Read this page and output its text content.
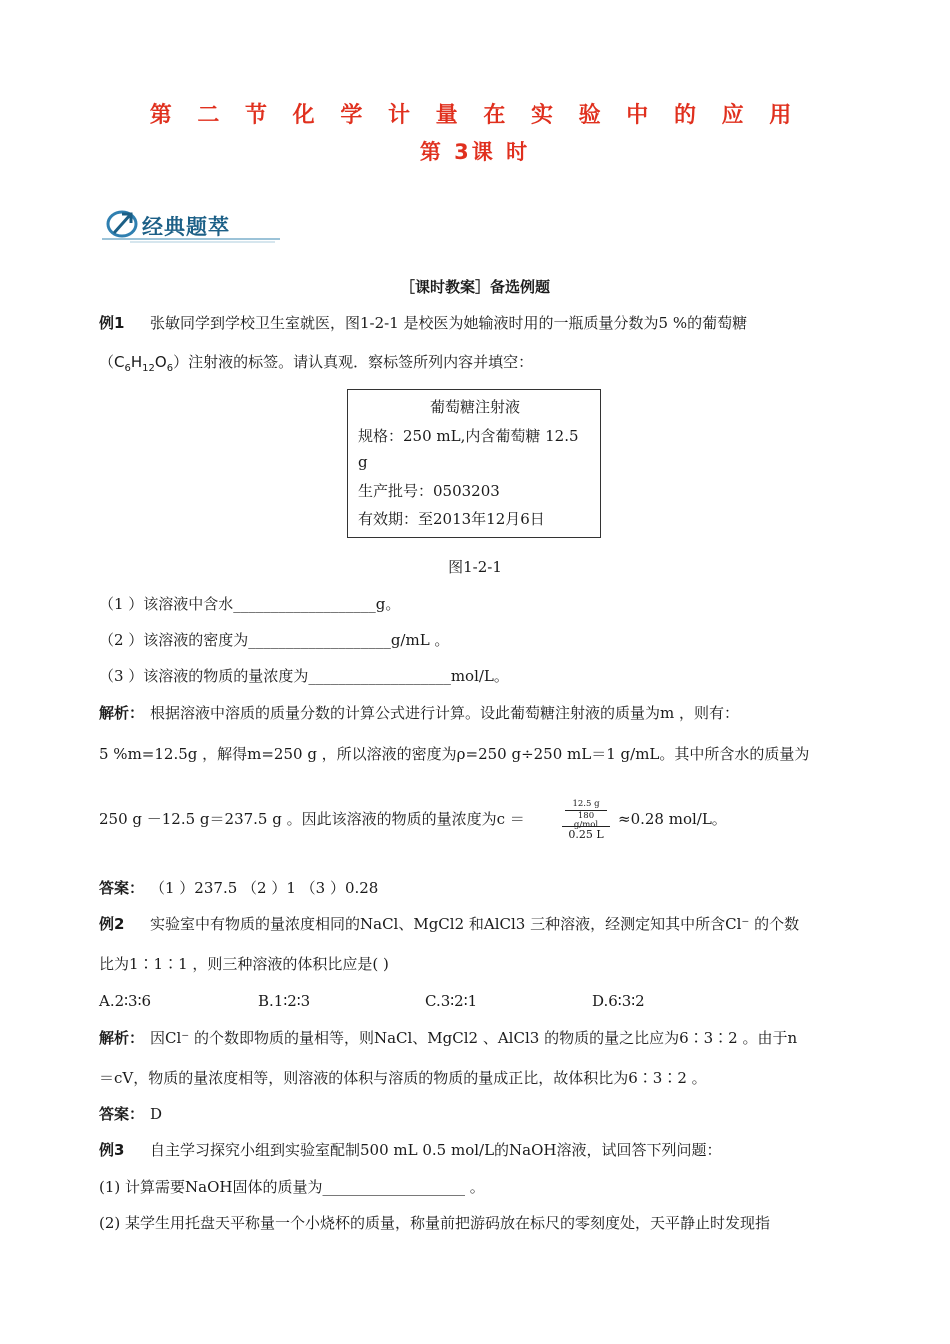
第 二 节 化 学 计 量 在 实 验 中 的 应 用
第 3课 时
经典题萃
［课时教案］备选例题
例1 张敏同学到学校卫生室就医，图1-2-1 是校医为她输液时用的一瓶质量分数为5 %的葡萄糖
$(C_6H_{12}O_6)$注射液的标签。请认真观．察标签所列内容并填空：
葡萄糖注射液
规格：250 mL,内含葡萄糖 12.5
g
生产批号：0503203
有效期：至2013年12月6日
图1-2-1
（1 ）该溶液中含水___________________g。
（2 ）该溶液的密度为___________________g/mL 。
（3 ）该溶液的物质的量浓度为___________________mol/L。
解析： 根据溶液中溶质的质量分数的计算公式进行计算。设此葡萄糖注射液的质量为m ，则有：
5 %m=12.5g ，解得m=250 g ，所以溶液的密度为ρ=250 g÷250 mL＝1 g/mL。其中所含水的质量为
250 g －12.5 g＝237.5 g 。因此该溶液的物质的量浓度为c ＝
12.5 g
180 g/mol
0.25 L
≈0.28 mol/L。
答案： （1 ）237.5 （2 ）1 （3 ）0.28
例2 实验室中有物质的量浓度相同的NaCl、MgCl2 和AlCl3 三种溶液，经测定知其中所含Cl⁻ 的个数
比为1∶1∶1 ，则三种溶液的体积比应是( )
A.2∶3∶6	B.1∶2∶3	C.3∶2∶1	D.6∶3∶2
解析： 因Cl⁻ 的个数即物质的量相等，则NaCl、MgCl2 、AlCl3 的物质的量之比应为6∶3∶2 。由于n
＝cV，物质的量浓度相等，则溶液的体积与溶质的物质的量成正比，故体积比为6∶3∶2 。
答案： D
例3 自主学习探究小组到实验室配制500 mL 0.5 mol/L的NaOH溶液，试回答下列问题：
(1) 计算需要NaOH固体的质量为___________________ 。
(2) 某学生用托盘天平称量一个小烧杯的质量，称量前把游码放在标尺的零刻度处，天平静止时发现指
